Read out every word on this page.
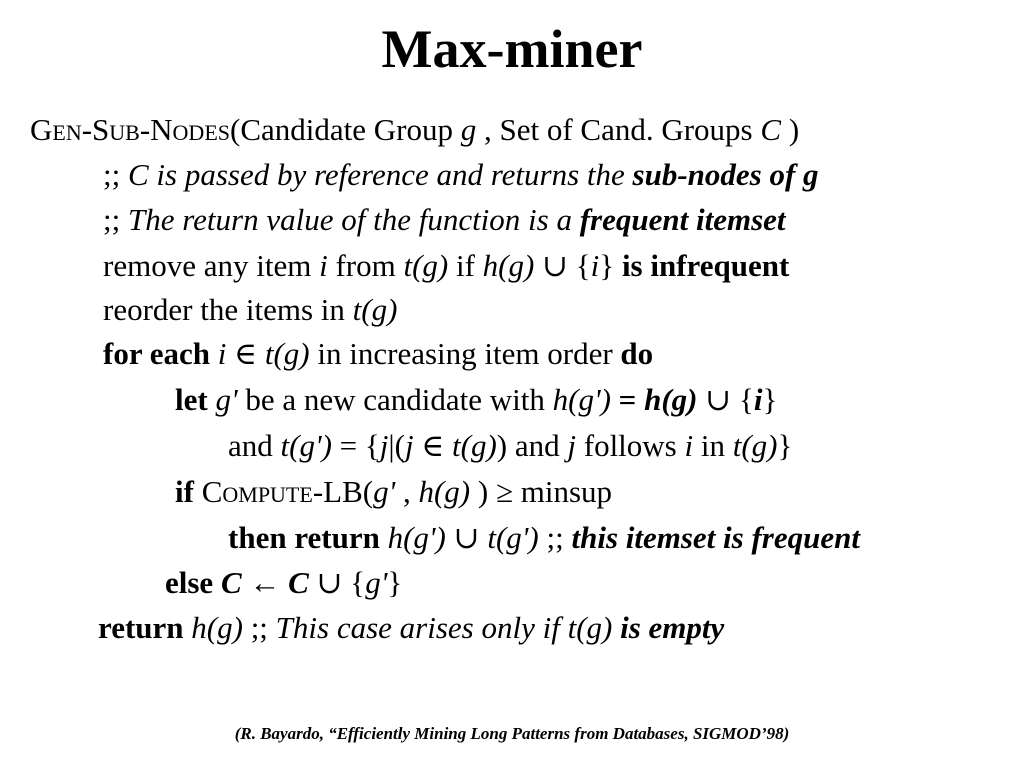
Max-miner
Gen-Sub-Nodes(Candidate Group g , Set of Cand. Groups C )
;; C is passed by reference and returns the sub-nodes of g
;; The return value of the function is a frequent itemset
remove any item i from t(g) if h(g) ∪ {i} is infrequent
reorder the items in t(g)
for each i ∈ t(g) in increasing item order do
let g' be a new candidate with h(g') = h(g) ∪ {i}
and t(g') = {j|(j ∈ t(g)) and j follows i in t(g)}
if Compute-LB(g' , h(g) ) ≥ minsup
then return h(g') ∪ t(g') ;; this itemset is frequent
else C ← C ∪ {g'}
return h(g) ;; This case arises only if t(g) is empty
(R. Bayardo, “Efficiently Mining Long Patterns from Databases, SIGMOD’98)
